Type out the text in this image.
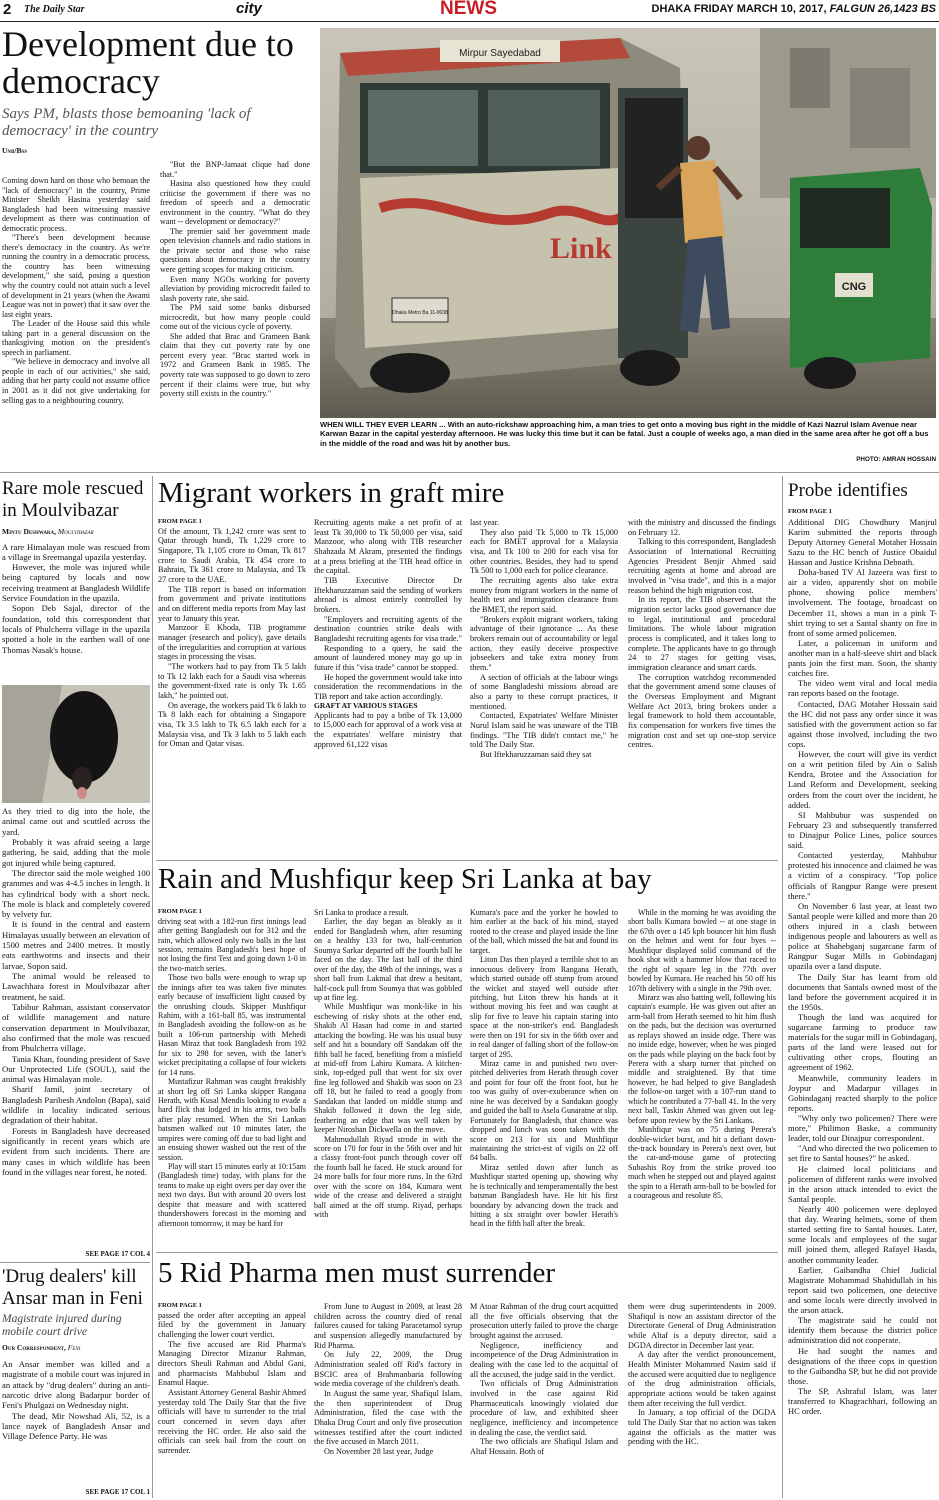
2 The Daily Star	city	NEWS	DHAKA FRIDAY MARCH 10, 2017, FALGUN 26,1423 BS
Development due to democracy
Says PM, blasts those bemoaning 'lack of democracy' in the country
Unb/Bss

Coming down hard on those who bemoan the "lack of democracy" in the country, Prime Minister Sheikh Hasina yesterday said Bangladesh had been witnessing massive development as there was continuation of democratic process.

"There's been development because there's democracy in the country. As we're running the country in a democratic process, the country has been witnessing development," she said, posing a question why the country could not attain such a level of development in 21 years (when the Awami League was not in power) that it saw over the last eight years.

The Leader of the House said this while taking part in a general discussion on the thanksgiving motion on the president's speech in parliament.

"We believe in democracy and involve all people in each of our activities," she said, adding that her party could not assume office in 2001 as it did not give undertaking for selling gas to a neighbouring country.

"But the BNP-Jamaat clique had done that."

Hasina also questioned how they could criticise the government if there was no freedom of speech and a democratic environment in the country. "What do they want -- development or democracy?"

The premier said her government made open television channels and radio stations in the private sector and those who raise questions about democracy in the country were getting scopes for making criticism.

Even many NGOs working for poverty alleviation by providing microcredit failed to slash poverty rate, she said.

The PM said some banks disbursed microcredit, but how many people could come out of the vicious cycle of poverty.

She added that Brac and Grameen Bank claim that they cut poverty rate by one percent every year. "Brac started work in 1972 and Grameen Bank in 1985. The poverty rate was supposed to go down to zero percent if their claims were true, but why poverty still exists in the country."

Mirpur Sayedabad
Link
Dhaka Metro Ba 11-0638
CNG
WHEN WILL THEY EVER LEARN ... With an auto-rickshaw approaching him, a man tries to get onto a moving bus right in the middle of Kazi Nazrul Islam Avenue near Karwan Bazar in the capital yesterday afternoon. He was lucky this time but it can be fatal. Just a couple of weeks ago, a man died in the same area after he got off a bus in the middle of the road and was hit by another bus.
PHOTO: AMRAN HOSSAIN
Rare mole rescued in Moulvibazar
Mintu Deshwara, Moulvibazar

A rare Himalayan mole was rescued from a village in Sreemangal upazila yesterday.

However, the mole was injured while being captured by locals and now receiving treatment at Bangladesh Wildlife Service Foundation in the upazila.

Sopon Deb Sajal, director of the foundation, told this correspondent that locals of Phulcherra village in the upazila spotted a hole in the earthen wall of one Thomas Nasak's house.

As they tried to dig into the hole, the animal came out and scuttled across the yard.

Probably it was afraid seeing a large gathering, he said, adding that the mole got injured while being captured.

The director said the mole weighed 100 grammes and was 4-4.5 inches in length. It has cylindrical body with a short neck. The mole is black and completely covered by velvety fur.

It is found in the central and eastern Himalayas usually between an elevation of 1500 metres and 2400 metres. It mostly eats earthworms and insects and their larvae, Sopon said.

The animal would be released to Lawachhara forest in Moulvibazar after treatment, he said.

Tabibur Rahman, assistant conservator of wildlife management and nature conservation department in Moulvibazar, also confirmed that the mole was rescued from Phulcherra village.

Tania Khan, founding president of Save Our Unprotected Life (SOUL), said the animal was Himalayan mole.

Sharif Jamil, joint secretary of Bangladesh Paribesh Andolon (Bapa), said wildlife in locality indicated serious degradation of their habitat.

Forests in Bangladesh have decreased significantly in recent years which are evident from such incidents. There are many cases in which wildlife has been found in the villages near forest, he noted.

SEE PAGE 17 COL 4
'Drug dealers' kill Ansar man in Feni
Magistrate injured during mobile court drive
Our Correspondent, Feni

An Ansar member was killed and a magistrate of a mobile court was injured in an attack by "drug dealers" during an anti-narcotic drive along Badarpur border of Feni's Phulgazi on Wednesday night.

The dead, Mir Nowshad Ali, 52, is a lance nayek of Bangladesh Ansar and Village Defence Party. He was

SEE PAGE 17 COL 1
Migrant workers in graft mire
FROM PAGE 1

Of the amount, Tk 1,242 crore was sent to Qatar through hundi, Tk 1,229 crore to Singapore, Tk 1,105 crore to Oman, Tk 817 crore to Saudi Arabia, Tk 454 crore to Bahrain, Tk 361 crore to Malaysia, and Tk 27 crore to the UAE.

The TIB report is based on information from government and private institutions and on different media reports from May last year to January this year.

Manzoor E Khoda, TIB programme manager (research and policy), gave details of the irregularities and corruption at various stages in processing the visas.

"The workers had to pay from Tk 5 lakh to Tk 12 lakh each for a Saudi visa whereas the government-fixed rate is only Tk 1.65 lakh," he pointed out.

On average, the workers paid Tk 6 lakh to Tk 8 lakh each for obtaining a Singapore visa, Tk 3.5 lakh to Tk 6.5 lakh each for a Malaysia visa, and Tk 3 lakh to 5 lakh each for Oman and Qatar visas.

Recruiting agents make a net profit of at least Tk 30,000 to Tk 50,000 per visa, said Manzoor, who along with TIB researcher Shahzada M Akram, presented the findings at a press briefing at the TIB head office in the capital.

TIB Executive Director Dr Iftekharuzzaman said the sending of workers abroad is almost entirely controlled by brokers.

"Employers and recruiting agents of the destination countries strike deals with Bangladeshi recruiting agents for visa trade."

Responding to a query, he said the amount of laundered money may go up in future if this "visa trade" cannot be stopped.

He hoped the government would take into consideration the recommendations in the TIB report and take action accordingly.

GRAFT AT VARIOUS STAGES

Applicants had to pay a bribe of Tk 13,000 to 15,000 each for approval of a work visa at the expatriates' welfare ministry that approved 61,122 visas

last year.

They also paid Tk 5,000 to Tk 15,000 each for BMET approval for a Malaysia visa, and Tk 100 to 200 for each visa for other countries. Besides, they had to spend Tk 500 to 1,000 each for police clearance.

The recruiting agents also take extra money from migrant workers in the name of health test and immigration clearance from the BMET, the report said.

"Brokers exploit migrant workers, taking advantage of their ignorance ... As these brokers remain out of accountability or legal action, they easily deceive prospective jobseekers and take extra money from them."

A section of officials at the labour wings of some Bangladeshi missions abroad are also a party to these corrupt practices, it mentioned.

Contacted, Expatriates' Welfare Minister Nurul Islam said he was unaware of the TIB findings. "The TIB didn't contact me," he told The Daily Star.

But Iftekharuzzaman said they sat

with the ministry and discussed the findings on February 12.

Talking to this correspondent, Bangladesh Association of International Recruiting Agencies President Benjir Ahmed said recruiting agents at home and abroad are involved in "visa trade", and this is a major reason behind the high migration cost.

In its report, the TIB observed that the migration sector lacks good governance due to legal, institutional and procedural limitations. The whole labour migration process is complicated, and it takes long to complete. The applicants have to go through 24 to 27 stages for getting visas, immigration clearance and smart cards.

The corruption watchdog recommended that the government amend some clauses of the Overseas Employment and Migrant Welfare Act 2013, bring brokers under a legal framework to hold them accountable, fix compensation for workers five times the migration cost and set up one-stop service centres.

Rain and Mushfiqur keep Sri Lanka at bay
FROM PAGE 1

driving seat with a 182-run first innings lead after getting Bangladesh out for 312 and the rain, which allowed only two balls in the last session, remains Bangladesh's best hope of not losing the first Test and going down 1-0 in the two-match series.

Those two balls were enough to wrap up the innings after tea was taken five minutes early because of insufficient light caused by the onrushing clouds. Skipper Mushfiqur Rahim, with a 161-ball 85, was instrumental in Bangladesh avoiding the follow-on as he built a 106-run partnership with Mehedi Hasan Miraz that took Bangladesh from 192 for six to 298 for seven, with the latter's wicket precipitating a collapse of four wickets for 14 runs.

Mustafizur Rahman was caught freakishly at short leg off Sri Lanka skipper Rangana Herath, with Kusal Mendis looking to evade a hard flick that lodged in his arms, two balls after play resumed. When the Sri Lankan batsmen walked out 10 minutes later, the umpires were coming off due to bad light and an ensuing shower washed out the rest of the session.

Play will start 15 minutes early at 10:15am (Bangladesh time) today, with plans for the teams to make up eight overs per day over the next two days. But with around 20 overs lost despite that measure and with scattered thundershowers forecast in the morning and afternoon tomorrow, it may be hard for

Sri Lanka to produce a result.

Earlier, the day began as bleakly as it ended for Bangladesh when, after resuming on a healthy 133 for two, half-centurion Soumya Sarkar departed off the fourth ball he faced on the day. The last ball of the third over of the day, the 49th of the innings, was a short ball from Lakmal that drew a hesitant, half-cock pull from Soumya that was gobbled up at fine leg.

While Mushfiqur was monk-like in his eschewing of risky shots at the other end, Shakib Al Hasan had come in and started attacking the bowling. He was his usual busy self and hit a boundary off Sandakan off the fifth ball he faced, benefiting from a misfield at mid-off from Lahiru Kumara. A kitchen-sink, top-edged pull that went for six over fine leg followed and Shakib was soon on 23 off 18, but he failed to read a googly from Sandakan that landed on middle stump and Shakib followed it down the leg side, feathering an edge that was well taken by keeper Niroshan Dickwella on the move.

Mahmudullah Riyad strode in with the score on 170 for four in the 56th over and hit a classy front-foot punch through cover off the fourth ball he faced. He stuck around for 24 more balls for four more runs. In the 63rd over with the score on 184, Kumara went wide of the crease and delivered a straight ball aimed at the off stump. Riyad, perhaps with

Kumara's pace and the yorker he bowled to him earlier at the back of his mind, stayed rooted to the crease and played inside the line of the ball, which missed the bat and found its target.

Liton Das then played a terrible shot to an innocuous delivery from Rangana Herath, which started outside off stump from around the wicket and stayed well outside after pitching, but Liton threw his hands at it without moving his feet and was caught at slip for five to leave his captain staring into space at the non-striker's end. Bangladesh were then on 191 for six in the 66th over and in real danger of falling short of the follow-on target of 295.

Miraz came in and punished two over-pitched deliveries from Herath through cover and point for four off the front foot, but he too was guilty of over-exuberance when on nine he was deceived by a Sandakan googly and guided the ball to Asela Gunaratne at slip. Fortunately for Bangladesh, that chance was dropped and lunch was soon taken with the score on 213 for six and Mushfiqur maintaining the strict-est of vigils on 22 off 84 balls.

Miraz settled down after lunch as Mushfiqur started opening up, showing why he is technically and temperamentally the best batsman Bangladesh have. He hit his first boundary by advancing down the track and hitting a six straight over bowler Herath's head in the fifth ball after the break.

While in the morning he was avoiding the short balls Kumara bowled -- at one stage in the 67th over a 145 kph bouncer hit him flush on the helmet and went for four byes -- Mushfiqur displayed solid command of the hook shot with a hammer blow that raced to the right of square leg in the 77th over bowled by Kumara. He reached his 50 off his 107th delivery with a single in the 79th over.

Mirarz was also batting well, following his captain's example. He was given out after an arm-ball from Herath seemed to hit him flush on the pads, but the decision was overturned as replays showed an inside edge. There was no inside edge, however, when he was pinged on the pads while playing on the back foot by Perera with a sharp turner that pitched on middle and straightened. By that time however, he had helped to give Bangladesh the follow-on target with a 107-run stand to which he contributed a 77-ball 41. In the very next ball, Taskin Ahmed was given out leg-before upon review by the Sri Lankans.

Mushfiqur was on 75 during Perera's double-wicket burst, and hit a defiant down-the-track boundary in Perera's next over, but the cat-and-mouse game of protecting Subashis Roy from the strike proved too much when he stepped out and played against the spin to a Herath arm-ball to be bowled for a courageous and resolute 85.

5 Rid Pharma men must surrender
FROM PAGE 1

passed the order after accepting an appeal filed by the government in January challenging the lower court verdict.

The five accused are Rid Pharma's Managing Director Mizanur Rahman, directors Sheuli Rahman and Abdul Gani, and pharmacists Mahbubul Islam and Enamul Haque.

Assistant Attorney General Bashir Ahmed yesterday told The Daily Star that the five officials will have to surrender to the trial court concerned in seven days after receiving the HC order. He also said the officials can seek bail from the court on surrender.

From June to August in 2009, at least 28 children across the country died of renal failures caused for taking Paracetamol syrup and suspension allegedly manufactured by Rid Pharma.

On July 22, 2009, the Drug Administration sealed off Rid's factory in BSCIC area of Brahmanbaria following wide media coverage of the children's death.

In August the same year, Shafiqul Islam, the then superintendent of Drug Administration, filed the case with the Dhaka Drug Court and only five prosecution witnesses testified after the court indicted the five accused in March 2011.

On November 28 last year, Judge

M Atoar Rahman of the drug court acquitted all the five officials observing that the prosecution utterly failed to prove the charge brought against the accused.

Negligence, inefficiency and incompetence of the Drug Administration in dealing with the case led to the acquittal of all the accused, the judge said in the verdict.

Two officials of Drug Administration involved in the case against Rid Pharmaceuticals knowingly violated due procedure of law, and exhibited sheer negligence, inefficiency and incompetence in dealing the case, the verdict said.

The two officials are Shafiqul Islam and Altaf Hossain. Both of

them were drug superintendents in 2009. Shafiqul is now an assistant director of the Directorate General of Drug Administration while Altaf is a deputy director, said a DGDA director in December last year.

A day after the verdict pronouncement, Health Minister Mohammed Nasim said if the accused were acquitted due to negligence of the drug administration officials, appropriate actions would be taken against them after receiving the full verdict.

In January, a top official of the DGDA told The Daily Star that no action was taken against the officials as the matter was pending with the HC.

Probe identifies
FROM PAGE 1

Additional DIG Chowdhury Manjrul Karim submitted the reports through Deputy Attorney General Motaher Hossain Sazu to the HC bench of Justice Obaidul Hassan and Justice Krishna Debnath.

Doha-based TV Al Jazeera was first to air a video, apparently shot on mobile phone, showing police members' involvement. The footage, broadcast on December 11, shows a man in a pink T-shirt trying to set a Santal shanty on fire in front of some armed policemen.

Later, a policeman in uniform and another man in a half-sleeve shirt and black pants join the first man. Soon, the shanty catches fire.

The video went viral and local media ran reports based on the footage.

Contacted, DAG Motaher Hossain said the HC did not pass any order since it was satisfied with the government action so far against those involved, including the two cops.

However, the court will give its verdict on a writ petition filed by Ain o Salish Kendra, Brotee and the Association for Land Reform and Development, seeking orders from the court over the incident, he added.

SI Mahbubur was suspended on February 23 and subsequently transferred to Dinajpur Police Lines, police sources said.

Contacted yesterday, Mahbubur protested his innocence and claimed he was a victim of a conspiracy. "Top police officials of Rangpur Range were present there."

On November 6 last year, at least two Santal people were killed and more than 20 others injured in a clash between indigenous people and labourers as well as police at Shahebganj sugarcane farm of Rangpur Sugar Mills in Gobindaganj upazila over a land dispute.

The Daily Star has learnt from old documents that Santals owned most of the land before the government acquired it in the 1950s.

Though the land was acquired for sugarcane farming to produce raw materials for the sugar mill in Gobindaganj, parts of the land were leased out for cultivating other crops, flouting an agreement of 1962.

Meanwhile, community leaders in Joypur and Madarpur villages in Gobindaganj reacted sharply to the police reports.

"Why only two policemen? There were more," Philimon Baske, a community leader, told our Dinajpur correspondent.

"And who directed the two policemen to set fire to Santal houses?" he asked.

He claimed local politicians and policemen of different ranks were involved in the arson attack intended to evict the Santal people.

Nearly 400 policemen were deployed that day. Wearing helmets, some of them started setting fire to Santal houses. Later, some locals and employees of the sugar mill joined them, alleged Rafayel Hasda, another community leader.

Earlier, Gaibandha Chief Judicial Magistrate Mohammad Shahidullah in his report said two policemen, one detective and some locals were directly involved in the arson attack.

The magistrate said he could not identify them because the district police administration did not cooperate.

He had sought the names and designations of the three cops in question to the Gaibandha SP, but he did not provide those.

The SP, Ashraful Islam, was later transferred to Khagrachhari, following an HC order.
